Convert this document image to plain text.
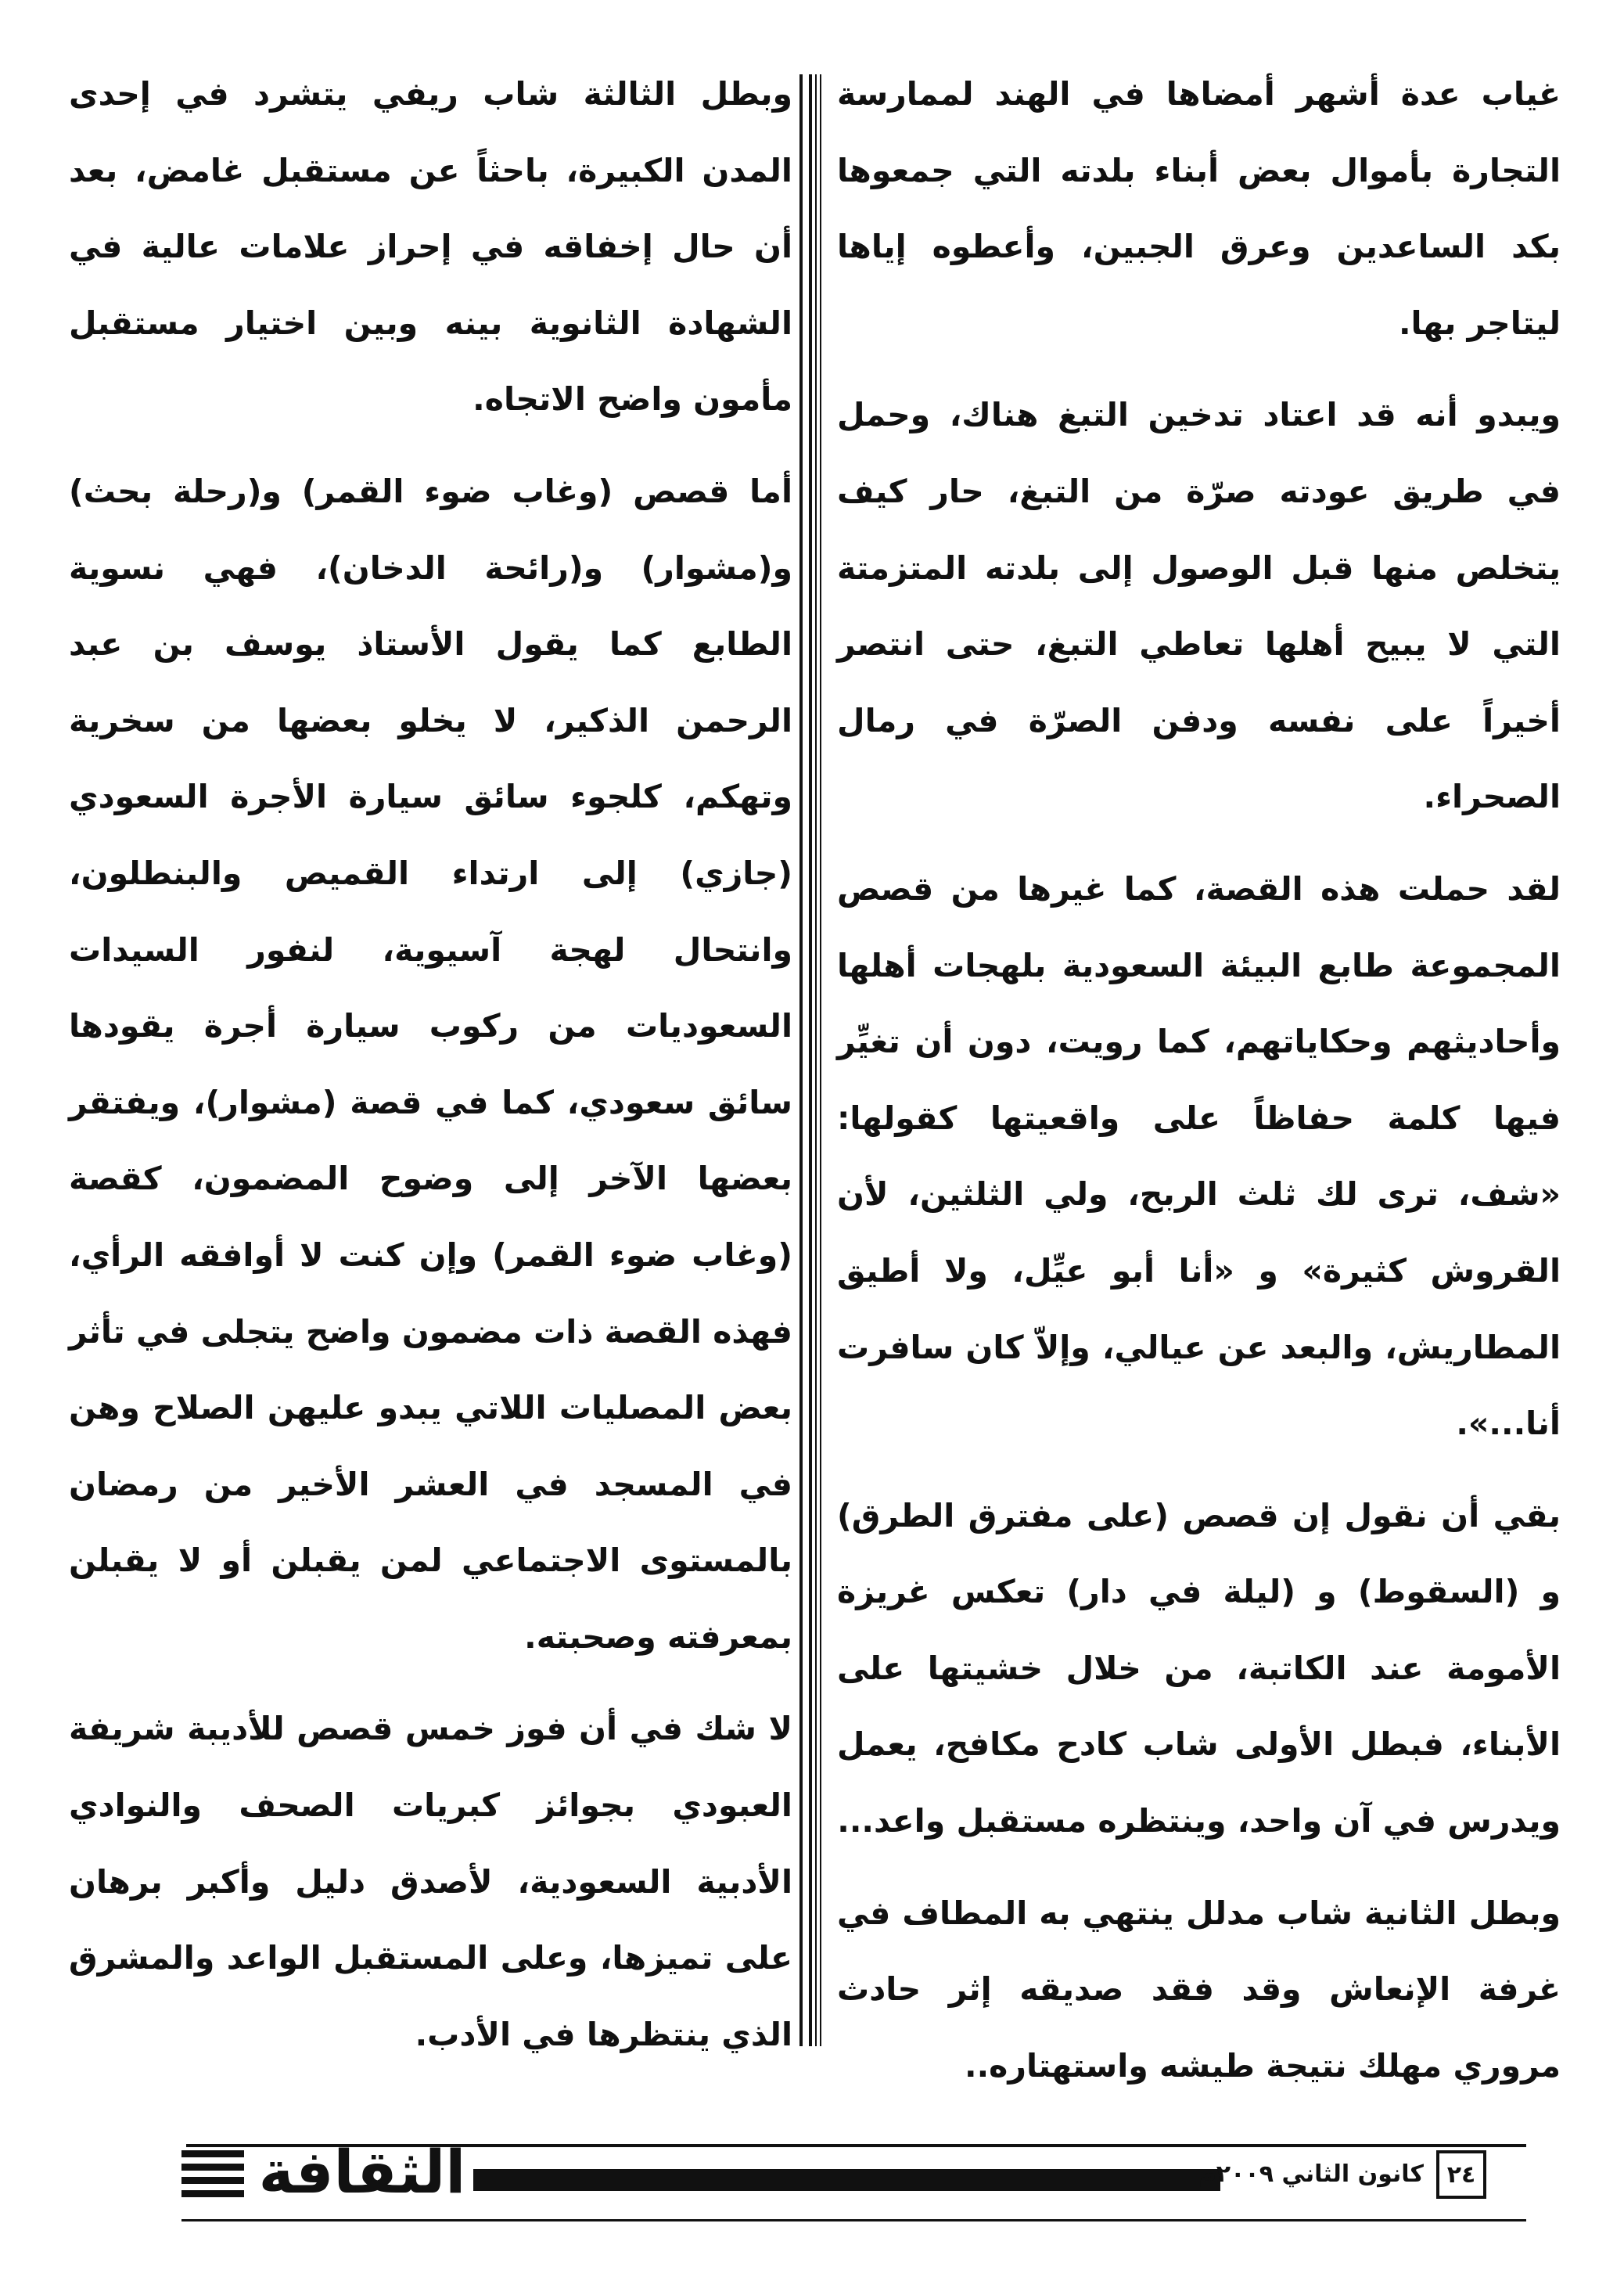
غياب عدة أشهر أمضاها في الهند لممارسة التجارة بأموال بعض أبناء بلدته التي جمعوها بكد الساعدين وعرق الجبين، وأعطوه إياها ليتاجر بها.

ويبدو أنه قد اعتاد تدخين التبغ هناك، وحمل في طريق عودته صرّة من التبغ، حار كيف يتخلص منها قبل الوصول إلى بلدته المتزمتة التي لا يبيح أهلها تعاطي التبغ، حتى انتصر أخيراً على نفسه ودفن الصرّة في رمال الصحراء.

لقد حملت هذه القصة، كما غيرها من قصص المجموعة طابع البيئة السعودية بلهجات أهلها وأحاديثهم وحكاياتهم، كما رويت، دون أن تغيِّر فيها كلمة حفاظاً على واقعيتها كقولها: «شف، ترى لك ثلث الربح، ولي الثلثين، لأن القروش كثيرة» و «أنا أبو عيِّل، ولا أطيق المطاريش، والبعد عن عيالي، وإلاّ كان سافرت أنا...».

بقي أن نقول إن قصص (على مفترق الطرق) و (السقوط) و (ليلة في دار) تعكس غريزة الأمومة عند الكاتبة، من خلال خشيتها على الأبناء، فبطل الأولى شاب كادح مكافح، يعمل ويدرس في آن واحد، وينتظره مستقبل واعد...

وبطل الثانية شاب مدلل ينتهي به المطاف في غرفة الإنعاش وقد فقد صديقه إثر حادث مروري مهلك نتيجة طيشه واستهتاره..

وبطل الثالثة شاب ريفي يتشرد في إحدى المدن الكبيرة، باحثاً عن مستقبل غامض، بعد أن حال إخفاقه في إحراز علامات عالية في الشهادة الثانوية بينه وبين اختيار مستقبل مأمون واضح الاتجاه.

أما قصص (وغاب ضوء القمر) و(رحلة بحث) و(مشوار) و(رائحة الدخان)، فهي نسوية الطابع كما يقول الأستاذ يوسف بن عبد الرحمن الذكير، لا يخلو بعضها من سخرية وتهكم، كلجوء سائق سيارة الأجرة السعودي (جازي) إلى ارتداء القميص والبنطلون، وانتحال لهجة آسيوية، لنفور السيدات السعوديات من ركوب سيارة أجرة يقودها سائق سعودي، كما في قصة (مشوار)، ويفتقر بعضها الآخر إلى وضوح المضمون، كقصة (وغاب ضوء القمر) وإن كنت لا أوافقه الرأي، فهذه القصة ذات مضمون واضح يتجلى في تأثر بعض المصليات اللاتي يبدو عليهن الصلاح وهن في المسجد في العشر الأخير من رمضان بالمستوى الاجتماعي لمن يقبلن أو لا يقبلن بمعرفته وصحبته.

لا شك في أن فوز خمس قصص للأديبة شريفة العبودي بجوائز كبريات الصحف والنوادي الأدبية السعودية، لأصدق دليل وأكبر برهان على تميزها، وعلى المستقبل الواعد والمشرق الذي ينتظرها في الأدب.

الثقافة	كانون الثاني ٢٠٠٩م ٢٤
